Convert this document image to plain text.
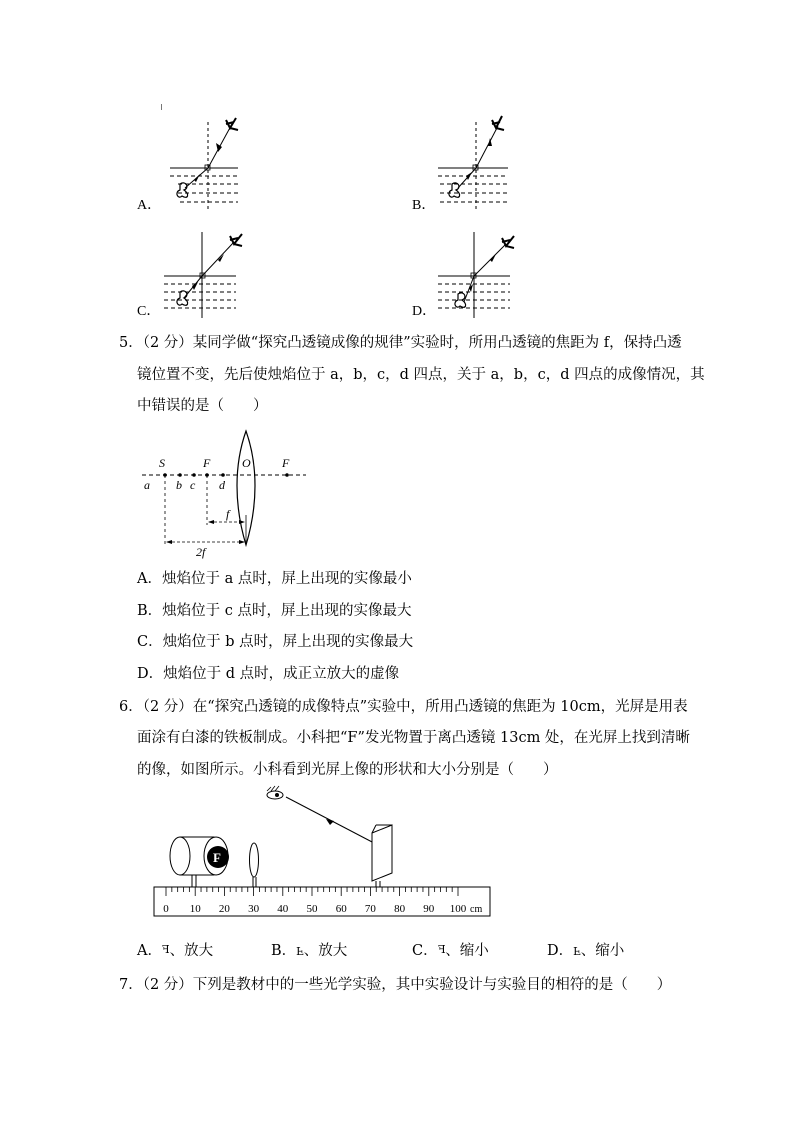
A．	B．
C．	D．
5．（2 分）某同学做“探究凸透镜成像的规律”实验时，所用凸透镜的焦距为 f，保持凸透
镜位置不变，先后使烛焰位于 a，b，c，d 四点，关于 a，b，c，d 四点的成像情况，其
中错误的是（　　）
S	F	O	F
a b c d
f
2f
A．烛焰位于 a 点时，屏上出现的实像最小
B．烛焰位于 c 点时，屏上出现的实像最大
C．烛焰位于 b 点时，屏上出现的实像最大
D．烛焰位于 d 点时，成正立放大的虚像
6．（2 分）在“探究凸透镜的成像特点”实验中，所用凸透镜的焦距为 10cm，光屏是用表
面涂有白漆的铁板制成。小科把“F”发光物置于离凸透镜 13cm 处，在光屏上找到清晰
的像，如图所示。小科看到光屏上像的形状和大小分别是（　　）
F
0 10 20 30 40 50 60 70 80 90 100 cm
A．F、放大	B．F、放大	C．F、缩小	D．F、缩小
7．（2 分）下列是教材中的一些光学实验，其中实验设计与实验目的相符的是（　　）
